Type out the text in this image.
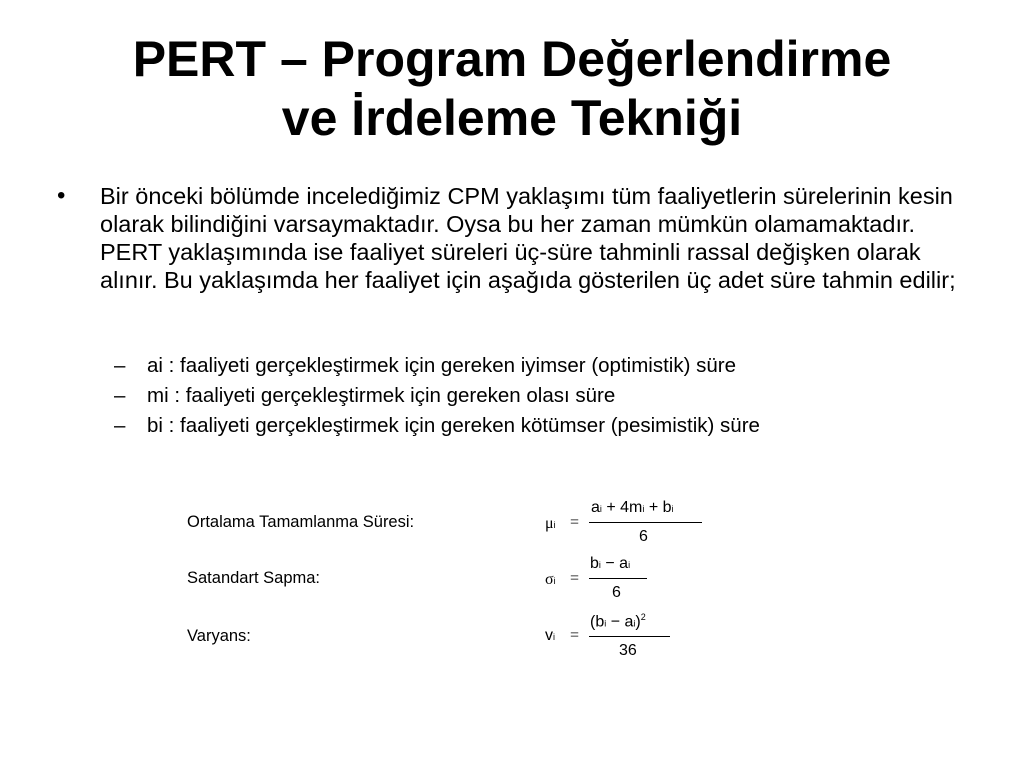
PERT – Program Değerlendirme
ve İrdeleme Tekniği
• Bir önceki bölümde incelediğimiz CPM yaklaşımı tüm faaliyetlerin sürelerinin kesin olarak bilindiğini varsaymaktadır. Oysa bu her zaman mümkün olamamaktadır. PERT yaklaşımında ise faaliyet süreleri üç-süre tahminli rassal değişken olarak alınır. Bu yaklaşımda her faaliyet için aşağıda gösterilen üç adet süre tahmin edilir;
– ai : faaliyeti gerçekleştirmek için gereken iyimser (optimistik) süre
– mi : faaliyeti gerçekleştirmek için gereken olası süre
– bi : faaliyeti gerçekleştirmek için gereken kötümser (pesimistik) süre
Ortalama Tamamlanma Süresi:	μi =
ai + 4mi + bi
6
Satandart Sapma:	σi =
bi − ai
6
Varyans:	vi =
(bi − ai)$^2$
36
